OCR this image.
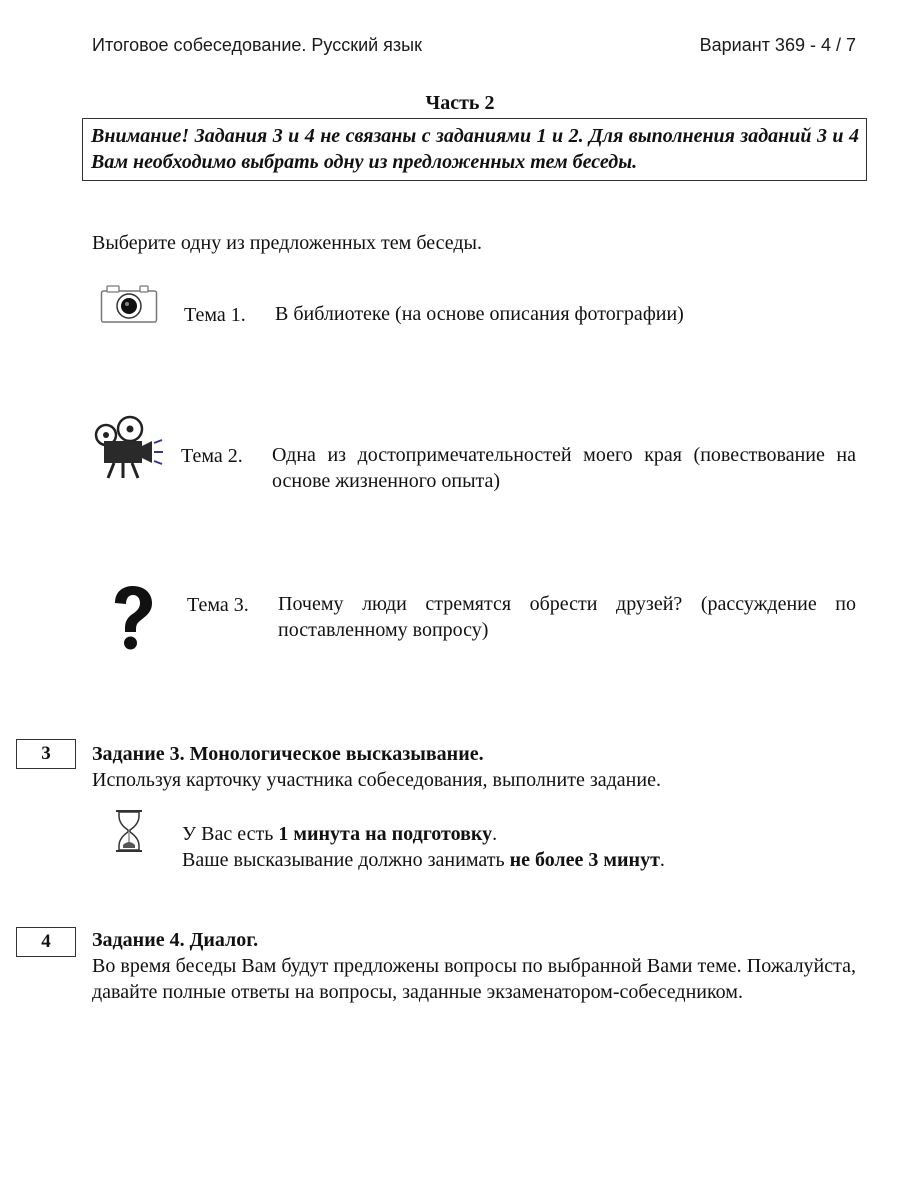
Итоговое собеседование. Русский язык	Вариант 369 - 4 / 7
Часть 2
Внимание! Задания 3 и 4 не связаны с заданиями 1 и 2. Для выполнения заданий 3 и 4 Вам необходимо выбрать одну из предложенных тем беседы.
Выберите одну из предложенных тем беседы.
Тема 1. В библиотеке (на основе описания фотографии)
Тема 2. Одна из достопримечательностей моего края (повествование на основе жизненного опыта)
Тема 3. Почему люди стремятся обрести друзей? (рассуждение по поставленному вопросу)
3	Задание 3. Монологическое высказывание.
Используя карточку участника собеседования, выполните задание.
У Вас есть 1 минута на подготовку.
Ваше высказывание должно занимать не более 3 минут.
4	Задание 4. Диалог.
Во время беседы Вам будут предложены вопросы по выбранной Вами теме. Пожалуйста, давайте полные ответы на вопросы, заданные экзаменатором-собеседником.
